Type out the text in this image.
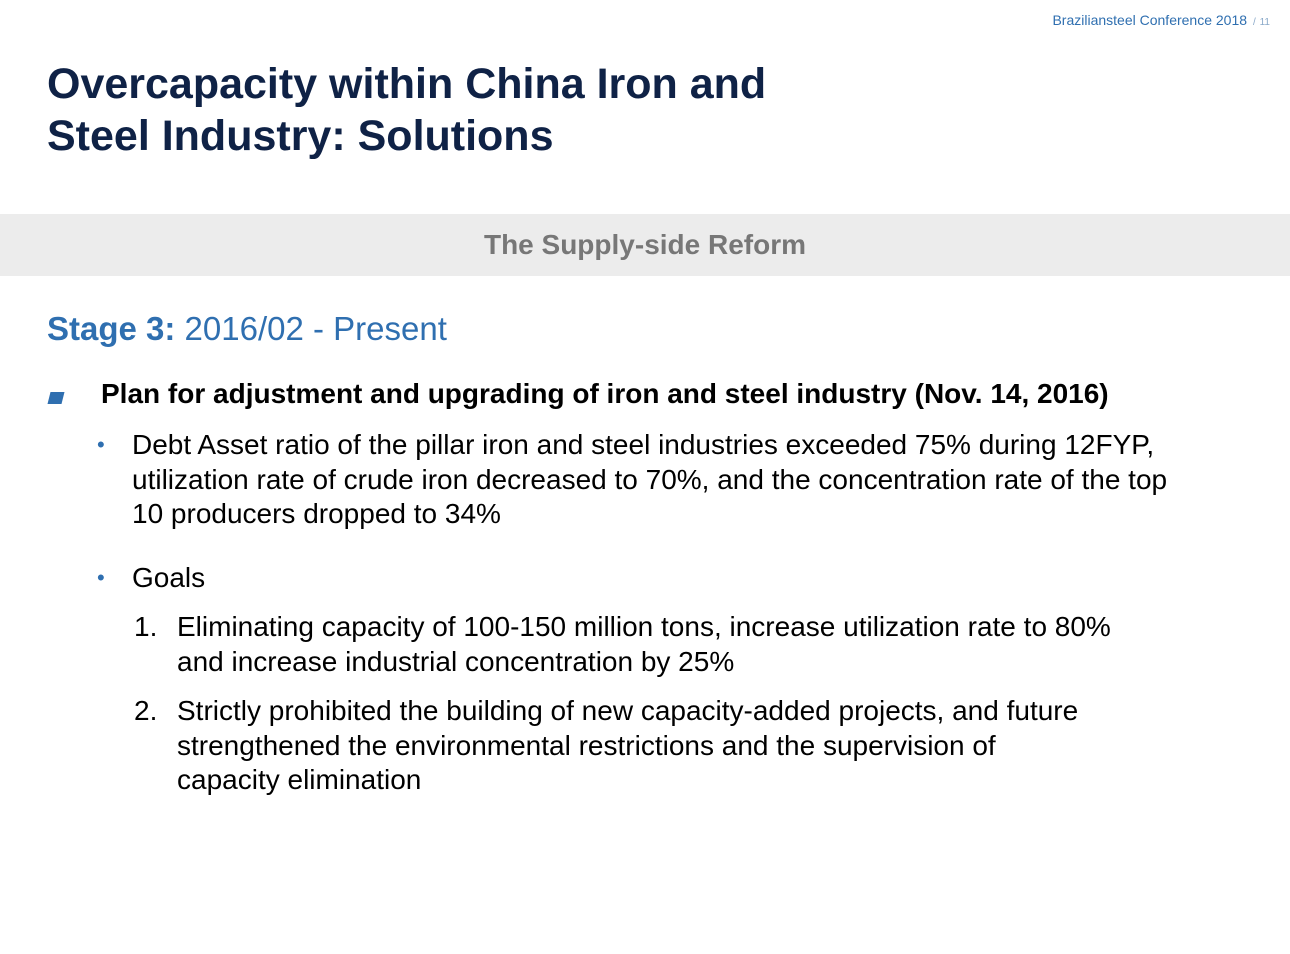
Braziliansteel Conference 2018 / 11
Overcapacity within China Iron and
Steel Industry: Solutions
The Supply-side Reform
Stage 3: 2016/02 - Present
Plan for adjustment and upgrading of iron and steel industry (Nov. 14, 2016)
• Debt Asset ratio of the pillar iron and steel industries exceeded 75% during 12FYP,
utilization rate of crude iron decreased to 70%, and the concentration rate of the top
10 producers dropped to 34%
• Goals
1. Eliminating capacity of 100-150 million tons, increase utilization rate to 80%
and increase industrial concentration by 25%
2. Strictly prohibited the building of new capacity-added projects, and future
strengthened the environmental restrictions and the supervision of
capacity elimination
